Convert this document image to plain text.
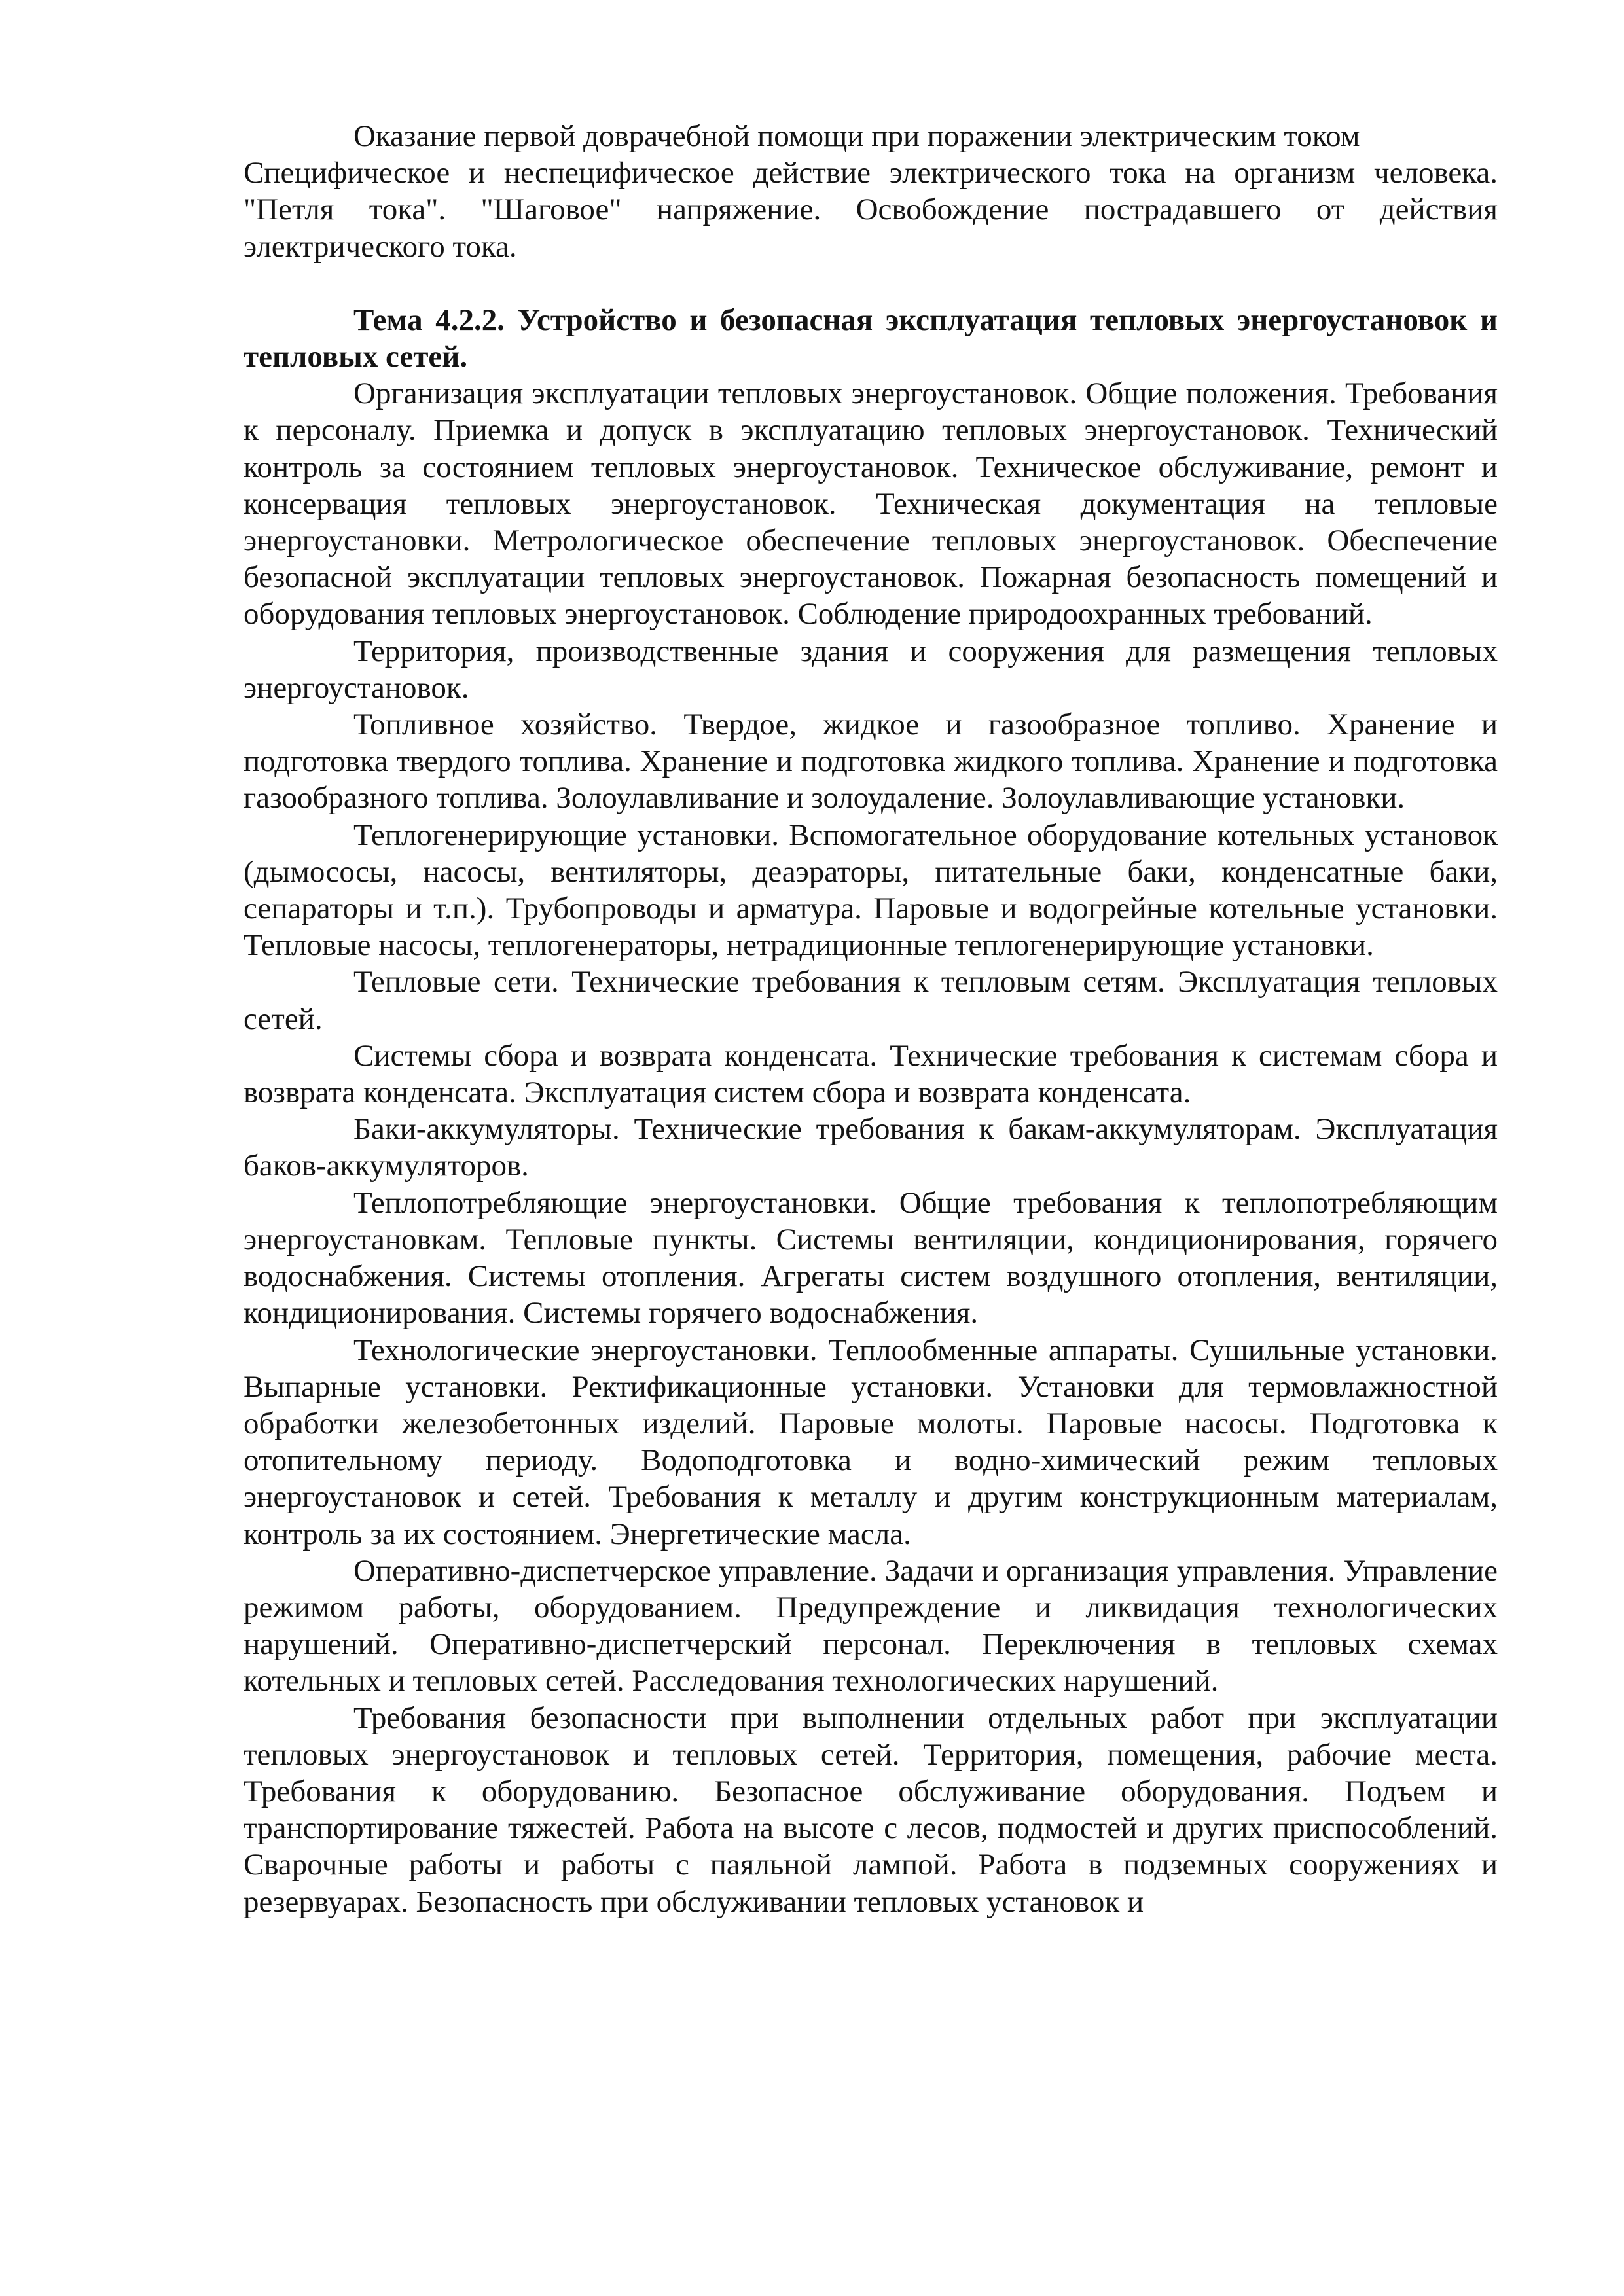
Оказание первой доврачебной помощи при поражении электрическим током

Специфическое и неспецифическое действие электрического тока на организм человека. "Петля тока". "Шаговое" напряжение. Освобождение пострадавшего от действия электрического тока.

Тема 4.2.2. Устройство и безопасная эксплуатация тепловых энергоустановок и тепловых сетей.

Организация эксплуатации тепловых энергоустановок. Общие положения. Требования к персоналу. Приемка и допуск в эксплуатацию тепловых энергоустановок. Технический контроль за состоянием тепловых энергоустановок. Техническое обслуживание, ремонт и консервация тепловых энергоустановок. Техническая документация на тепловые энергоустановки. Метрологическое обеспечение тепловых энергоустановок. Обеспечение безопасной эксплуатации тепловых энергоустановок. Пожарная безопасность помещений и оборудования тепловых энергоустановок. Соблюдение природоохранных требований.

Территория, производственные здания и сооружения для размещения тепловых энергоустановок.

Топливное хозяйство. Твердое, жидкое и газообразное топливо. Хранение и подготовка твердого топлива. Хранение и подготовка жидкого топлива. Хранение и подготовка газообразного топлива. Золоулавливание и золоудаление. Золоулавливающие установки.

Теплогенерирующие установки. Вспомогательное оборудование котельных установок (дымососы, насосы, вентиляторы, деаэраторы, питательные баки, конденсатные баки, сепараторы и т.п.). Трубопроводы и арматура. Паровые и водогрейные котельные установки. Тепловые насосы, теплогенераторы, нетрадиционные теплогенерирующие установки.

Тепловые сети. Технические требования к тепловым сетям. Эксплуатация тепловых сетей.

Системы сбора и возврата конденсата. Технические требования к системам сбора и возврата конденсата. Эксплуатация систем сбора и возврата конденсата.

Баки-аккумуляторы. Технические требования к бакам-аккумуляторам. Эксплуатация баков-аккумуляторов.

Теплопотребляющие энергоустановки. Общие требования к теплопотребляющим энергоустановкам. Тепловые пункты. Системы вентиляции, кондиционирования, горячего водоснабжения. Системы отопления. Агрегаты систем воздушного отопления, вентиляции, кондиционирования. Системы горячего водоснабжения.

Технологические энергоустановки. Теплообменные аппараты. Сушильные установки. Выпарные установки. Ректификационные установки. Установки для термовлажностной обработки железобетонных изделий. Паровые молоты. Паровые насосы. Подготовка к отопительному периоду. Водоподготовка и водно-химический режим тепловых энергоустановок и сетей. Требования к металлу и другим конструкционным материалам, контроль за их состоянием. Энергетические масла.

Оперативно-диспетчерское управление. Задачи и организация управления. Управление режимом работы, оборудованием. Предупреждение и ликвидация технологических нарушений. Оперативно-диспетчерский персонал. Переключения в тепловых схемах котельных и тепловых сетей. Расследования технологических нарушений.

Требования безопасности при выполнении отдельных работ при эксплуатации тепловых энергоустановок и тепловых сетей. Территория, помещения, рабочие места. Требования к оборудованию. Безопасное обслуживание оборудования. Подъем и транспортирование тяжестей. Работа на высоте с лесов, подмостей и других приспособлений. Сварочные работы и работы с паяльной лампой. Работа в подземных сооружениях и резервуарах. Безопасность при обслуживании тепловых установок и
